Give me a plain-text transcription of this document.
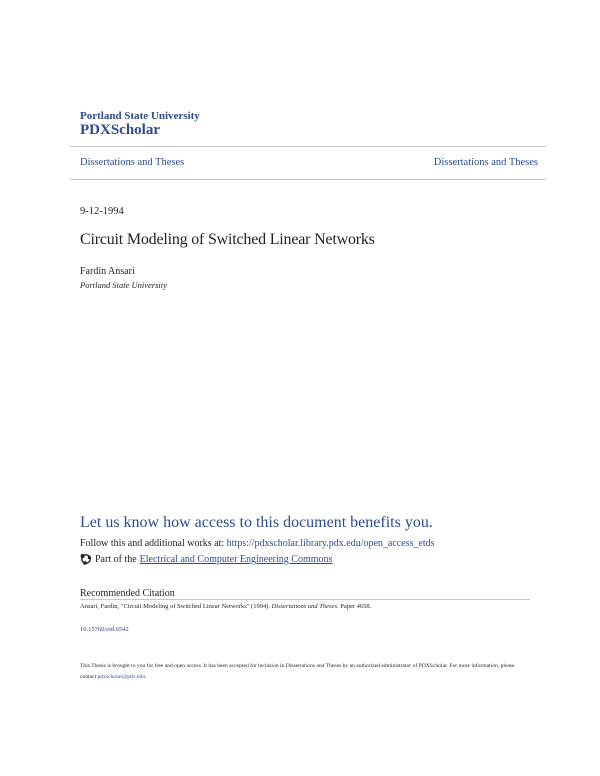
Portland State University
PDXScholar
Dissertations and Theses	Dissertations and Theses
9-12-1994
Circuit Modeling of Switched Linear Networks
Fardin Ansari
Portland State University
Let us know how access to this document benefits you.
Follow this and additional works at: https://pdxscholar.library.pdx.edu/open_access_etds
Part of the Electrical and Computer Engineering Commons
Recommended Citation
Ansari, Fardin, "Circuit Modeling of Switched Linear Networks" (1994). Dissertations and Theses. Paper 4658.
10.15760/etd.6542
This Thesis is brought to you for free and open access. It has been accepted for inclusion in Dissertations and Theses by an authorized administrator of PDXScholar. For more information, please contact pdxscholar@pdx.edu.
